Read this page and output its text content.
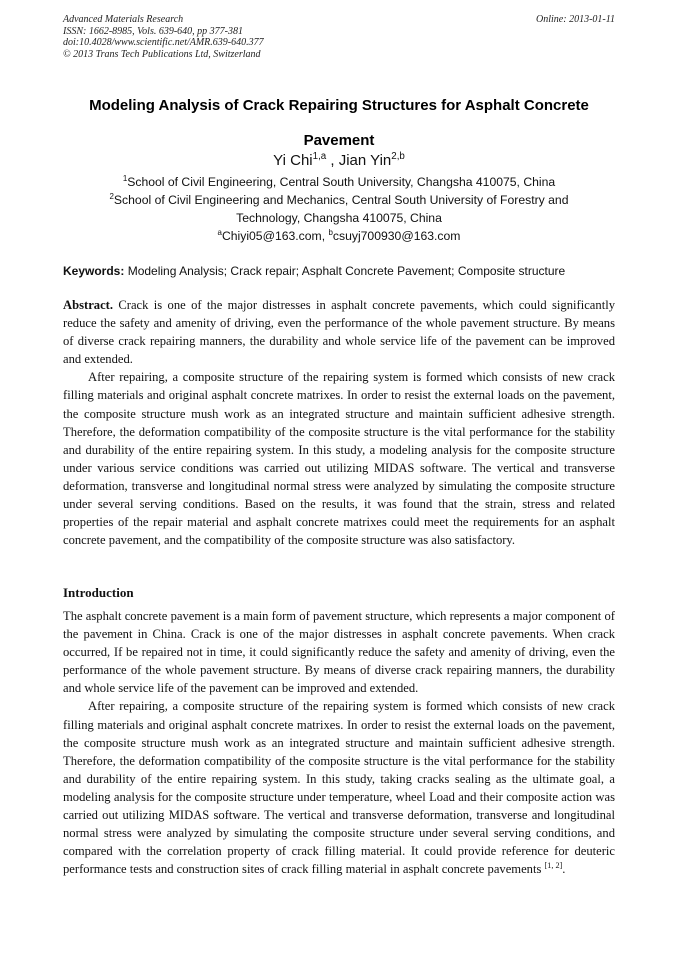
Advanced Materials Research
ISSN: 1662-8985, Vols. 639-640, pp 377-381
doi:10.4028/www.scientific.net/AMR.639-640.377
© 2013 Trans Tech Publications Ltd, Switzerland
Online: 2013-01-11
Modeling Analysis of Crack Repairing Structures for Asphalt Concrete Pavement
Yi Chi$^{1,a}$ , Jian Yin$^{2,b}$
$^1$School of Civil Engineering, Central South University, Changsha 410075, China
$^2$School of Civil Engineering and Mechanics, Central South University of Forestry and Technology, Changsha 410075, China
$^a$Chiyi05@163.com, $^b$csuyj700930@163.com
Keywords: Modeling Analysis; Crack repair; Asphalt Concrete Pavement; Composite structure

Abstract. Crack is one of the major distresses in asphalt concrete pavements, which could significantly reduce the safety and amenity of driving, even the performance of the whole pavement structure. By means of diverse crack repairing manners, the durability and whole service life of the pavement can be improved and extended.

After repairing, a composite structure of the repairing system is formed which consists of new crack filling materials and original asphalt concrete matrixes. In order to resist the external loads on the pavement, the composite structure mush work as an integrated structure and maintain sufficient adhesive strength. Therefore, the deformation compatibility of the composite structure is the vital performance for the stability and durability of the entire repairing system. In this study, a modeling analysis for the composite structure under various service conditions was carried out utilizing MIDAS software. The vertical and transverse deformation, transverse and longitudinal normal stress were analyzed by simulating the composite structure under several serving conditions. Based on the results, it was found that the strain, stress and related properties of the repair material and asphalt concrete matrixes could meet the requirements for an asphalt concrete pavement, and the compatibility of the composite structure was also satisfactory.

Introduction

The asphalt concrete pavement is a main form of pavement structure, which represents a major component of the pavement in China. Crack is one of the major distresses in asphalt concrete pavements. When crack occurred, If be repaired not in time, it could significantly reduce the safety and amenity of driving, even the performance of the whole pavement structure. By means of diverse crack repairing manners, the durability and whole service life of the pavement can be improved and extended.

After repairing, a composite structure of the repairing system is formed which consists of new crack filling materials and original asphalt concrete matrixes. In order to resist the external loads on the pavement, the composite structure mush work as an integrated structure and maintain sufficient adhesive strength. Therefore, the deformation compatibility of the composite structure is the vital performance for the stability and durability of the entire repairing system. In this study, taking cracks sealing as the ultimate goal, a modeling analysis for the composite structure under temperature, wheel Load and their composite action was carried out utilizing MIDAS software. The vertical and transverse deformation, transverse and longitudinal normal stress were analyzed by simulating the composite structure under several serving conditions, and compared with the correlation property of crack filling material. It could provide reference for deuteric performance tests and construction sites of crack filling material in asphalt concrete pavements [1, 2].
